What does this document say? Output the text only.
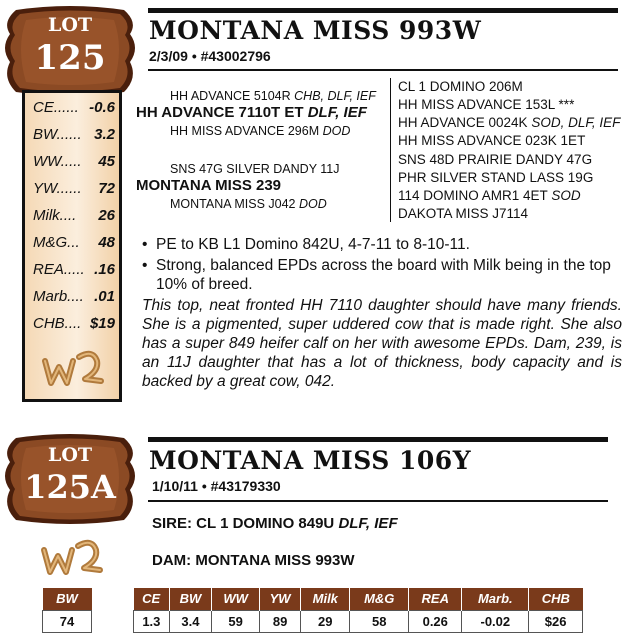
LOT
125
CE...... -0.6
BW...... 3.2
WW..... 45
YW...... 72
Milk.... 26
M&G... 48
REA..... .16
Marb.... .01
CHB.... $19
MONTANA MISS 993W
2/3/09 • #43002796
HH ADVANCE 5104R CHB, DLF, IEF
HH ADVANCE 7110T ET DLF, IEF
HH MISS ADVANCE 296M DOD
SNS 47G SILVER DANDY 11J
MONTANA MISS 239
MONTANA MISS J042 DOD
CL 1 DOMINO 206M
HH MISS ADVANCE 153L ***
HH ADVANCE 0024K SOD, DLF, IEF
HH MISS ADVANCE 023K 1ET
SNS 48D PRAIRIE DANDY 47G
PHR SILVER STAND LASS 19G
114 DOMINO AMR1 4ET SOD
DAKOTA MISS J7114
• PE to KB L1 Domino 842U, 4-7-11 to 8-10-11.
• Strong, balanced EPDs across the board with Milk being in the top 10% of breed.
This top, neat fronted HH 7110 daughter should have many friends. She is a pigmented, super uddered cow that is made right. She also has a super 849 heifer calf on her with awesome EPDs. Dam, 239, is an 11J daughter that has a lot of thickness, body capacity and is backed by a great cow, 042.
LOT
125A
MONTANA MISS 106Y
1/10/11 • #43179330
SIRE: CL 1 DOMINO 849U DLF, IEF
DAM: MONTANA MISS 993W
BW
74
CE	BW	WW	YW	Milk	M&G	REA	Marb.	CHB
1.3	3.4	59	89	29	58	0.26	-0.02	$26
